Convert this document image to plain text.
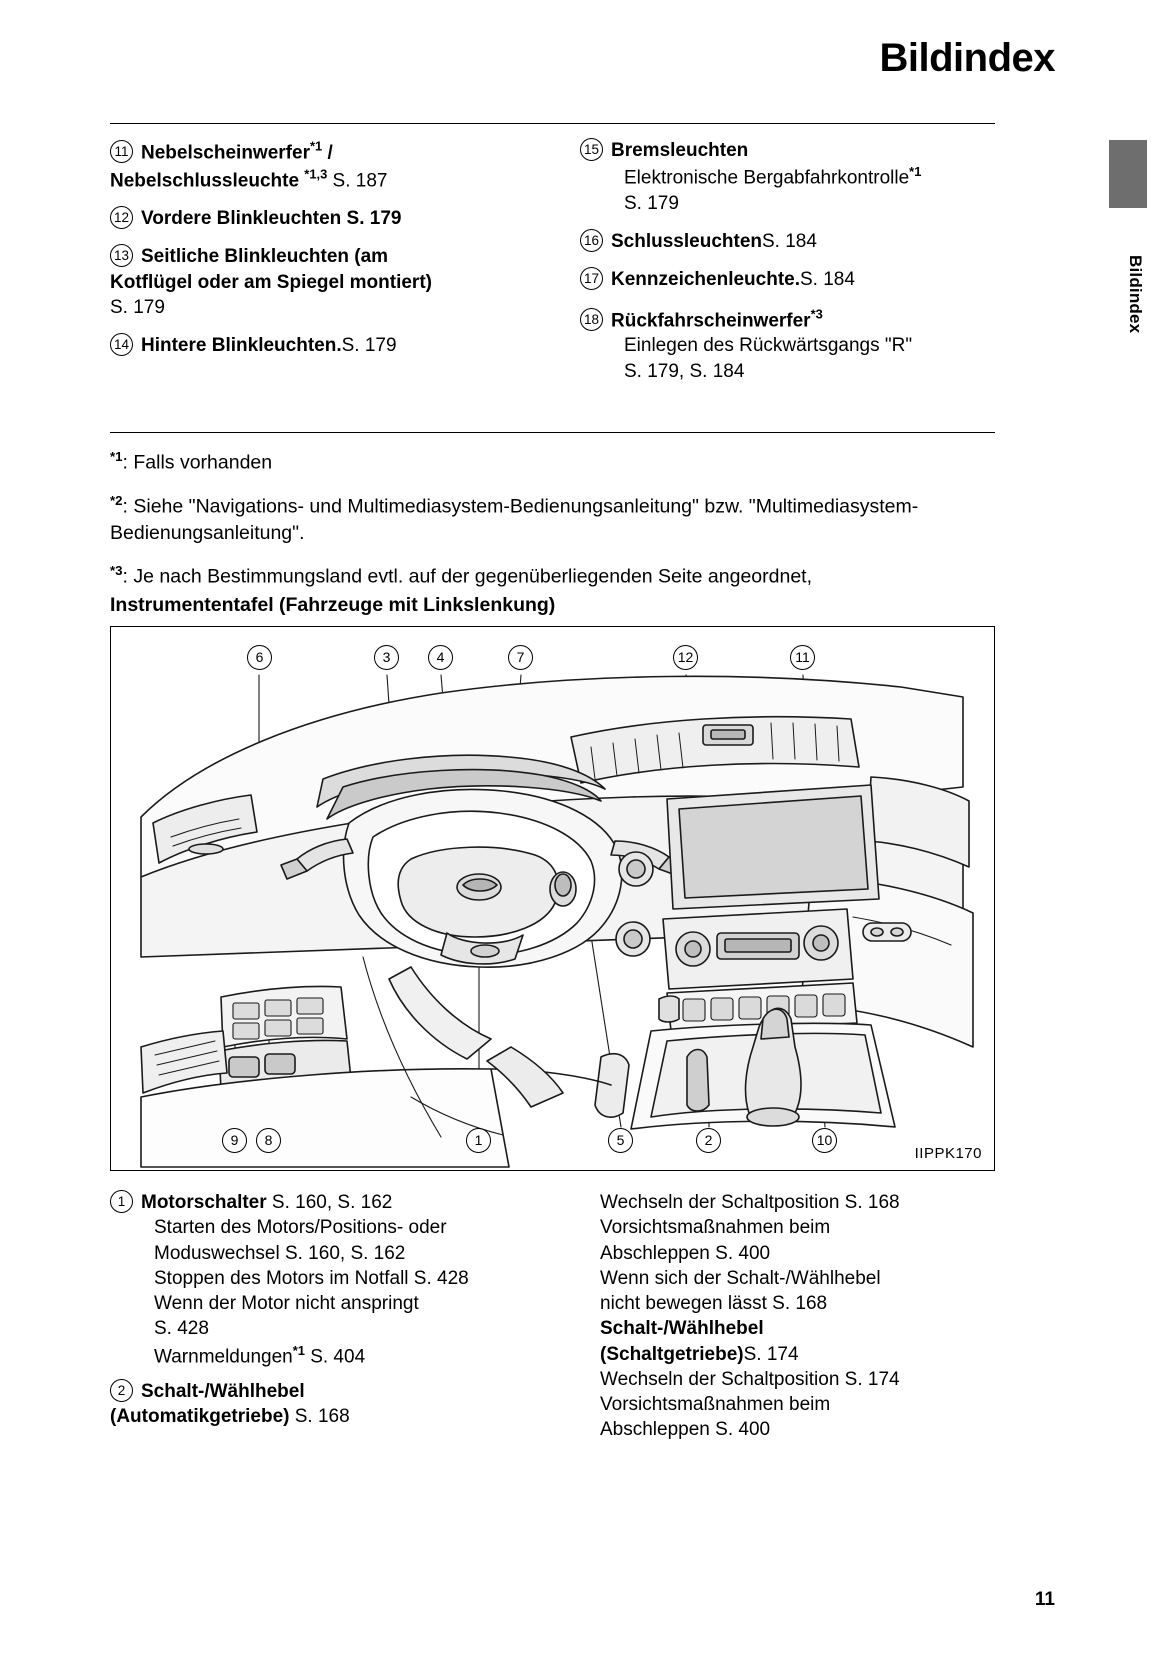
Bildindex
Bildindex
11 Nebelscheinwerfer$^{*1}$ /
Nebelschlussleuchte $^{*1,3}$ S. 187
12 Vordere Blinkleuchten S. 179
13 Seitliche Blinkleuchten (am
Kotflügel oder am Spiegel montiert)
S. 179
14 Hintere Blinkleuchten.S. 179
15 Bremsleuchten
Elektronische Bergabfahrkontrolle$^{*1}$
S. 179
16 SchlussleuchtenS. 184
17 Kennzeichenleuchte.S. 184
18 Rückfahrscheinwerfer$^{*3}$
Einlegen des Rückwärtsgangs "R"
S. 179, S. 184

$^{*1}$: Falls vorhanden

$^{*2}$: Siehe "Navigations- und Multimediasystem-Bedienungsanleitung" bzw. "Multimediasystem-Bedienungsanleitung".

$^{*3}$: Je nach Bestimmungsland evtl. auf der gegenüberliegenden Seite angeordnet,

Instrumententafel (Fahrzeuge mit Linkslenkung)
6	3	4	7	12	11
9	8	1	5	2	10
IIPPK170
1 Motorschalter S. 160, S. 162
Starten des Motors/Positions- oder
Moduswechsel S. 160, S. 162
Stoppen des Motors im Notfall S. 428
Wenn der Motor nicht anspringt
S. 428
Warnmeldungen$^{*1}$ S. 404
2 Schalt-/Wählhebel
(Automatikgetriebe) S. 168
Wechseln der Schaltposition S. 168
Vorsichtsmaßnahmen beim
Abschleppen S. 400
Wenn sich der Schalt-/Wählhebel
nicht bewegen lässt S. 168
Schalt-/Wählhebel
(Schaltgetriebe)S. 174
Wechseln der Schaltposition S. 174
Vorsichtsmaßnahmen beim
Abschleppen S. 400
11
